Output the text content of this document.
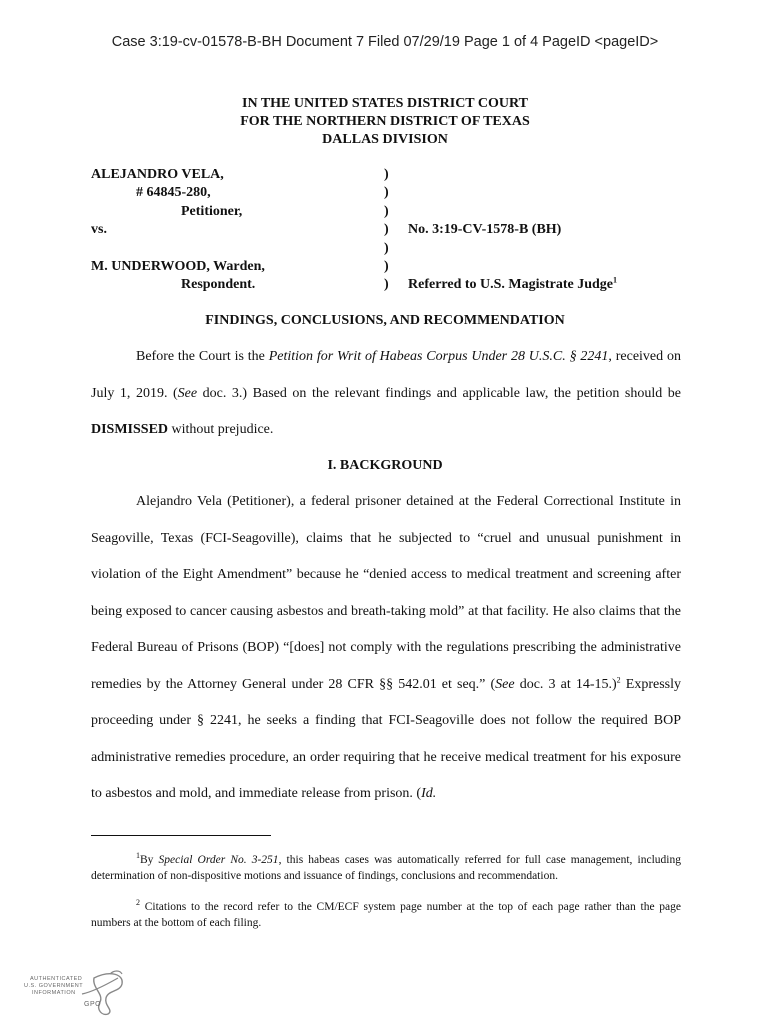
Case 3:19-cv-01578-B-BH Document 7 Filed 07/29/19 Page 1 of 4 PageID <pageID>
IN THE UNITED STATES DISTRICT COURT
FOR THE NORTHERN DISTRICT OF TEXAS
DALLAS DIVISION
ALEJANDRO VELA,	)
# 64845-280,	)
Petitioner,	)
vs.	) No. 3:19-CV-1578-B (BH)
)
M. UNDERWOOD, Warden,	)
Respondent.	) Referred to U.S. Magistrate Judge$^1$
FINDINGS, CONCLUSIONS, AND RECOMMENDATION
Before the Court is the Petition for Writ of Habeas Corpus Under 28 U.S.C. § 2241, received on July 1, 2019. (See doc. 3.) Based on the relevant findings and applicable law, the petition should be DISMISSED without prejudice.
I. BACKGROUND
Alejandro Vela (Petitioner), a federal prisoner detained at the Federal Correctional Institute in Seagoville, Texas (FCI-Seagoville), claims that he subjected to “cruel and unusual punishment in violation of the Eight Amendment” because he “denied access to medical treatment and screening after being exposed to cancer causing asbestos and breath-taking mold” at that facility. He also claims that the Federal Bureau of Prisons (BOP) “[does] not comply with the regulations prescribing the administrative remedies by the Attorney General under 28 CFR §§ 542.01 et seq.” (See doc. 3 at 14-15.)$^2$ Expressly proceeding under § 2241, he seeks a finding that FCI-Seagoville does not follow the required BOP administrative remedies procedure, an order requiring that he receive medical treatment for his exposure to asbestos and mold, and immediate release from prison. (Id.
$^1$By Special Order No. 3-251, this habeas cases was automatically referred for full case management, including determination of non-dispositive motions and issuance of findings, conclusions and recommendation.
$^2$ Citations to the record refer to the CM/ECF system page number at the top of each page rather than the page numbers at the bottom of each filing.
AUTHENTICATED
U.S. GOVERNMENT
INFORMATION
GPO
